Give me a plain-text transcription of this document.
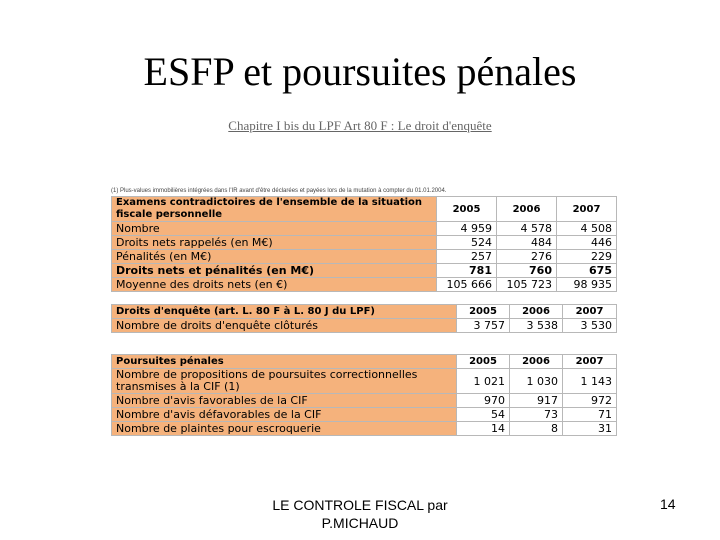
ESFP et poursuites pénales
Chapitre I bis du LPF Art 80 F : Le droit d'enquête
(1) Plus-values immobilières intégrées dans l'IR avant d'être déclarées et payées lors de la mutation à compter du 01.01.2004.
Examens contradictoires de l'ensemble de la situation fiscale personnelle	2005	2006	2007
Nombre	4 959	4 578	4 508
Droits nets rappelés (en M€)	524	484	446
Pénalités (en M€)	257	276	229
Droits nets et pénalités (en M€)	781	760	675
Moyenne des droits nets (en €)	105 666	105 723	98 935
Droits d'enquête (art. L. 80 F à L. 80 J du LPF)	2005	2006	2007
Nombre de droits d'enquête clôturés	3 757	3 538	3 530
Poursuites pénales	2005	2006	2007
Nombre de propositions de poursuites correctionnelles transmises à la CIF (1)	1 021	1 030	1 143
Nombre d'avis favorables de la CIF	970	917	972
Nombre d'avis défavorables de la CIF	54	73	71
Nombre de plaintes pour escroquerie	14	8	31
LE CONTROLE FISCAL par
P.MICHAUD
14
